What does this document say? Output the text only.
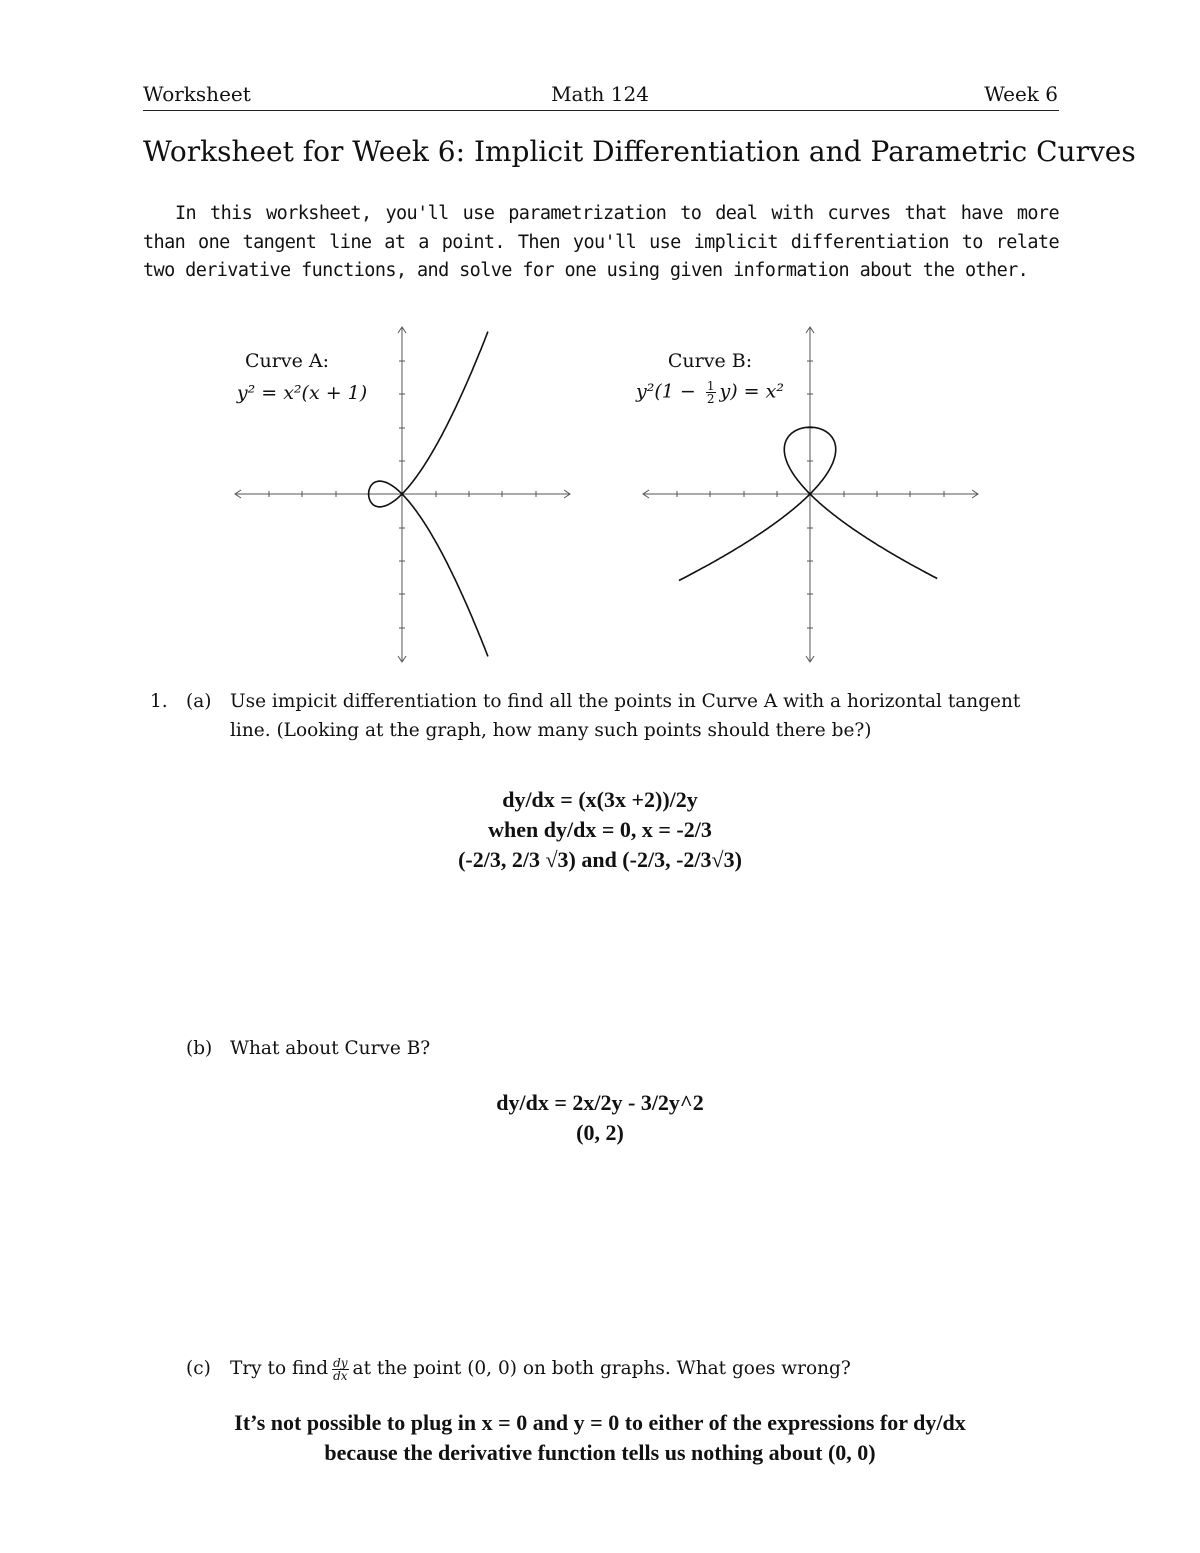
Worksheet	Math 124	Week 6
Worksheet for Week 6: Implicit Differentiation and Parametric Curves
In this worksheet, you'll use parametrization to deal with curves that have more than one tangent line at a point. Then you'll use implicit differentiation to relate two derivative functions, and solve for one using given information about the other.
Curve A:
y² = x²(x + 1)
Curve B:
$y^2(1 - \frac{1}{2} y) = x^2$
1. (a) Use impicit differentiation to find all the points in Curve A with a horizontal tangent line. (Looking at the graph, how many such points should there be?)
dy/dx = (x(3x +2))/2y
when dy/dx = 0, x = -2/3
(-2/3, 2/3 √3) and (-2/3, -2/3√3)
(b) What about Curve B?
dy/dx = 2x/2y - 3/2y^2
(0, 2)
(c) Try to find $\frac{dy}{dx}$ at the point (0, 0) on both graphs. What goes wrong?
It’s not possible to plug in x = 0 and y = 0 to either of the expressions for dy/dx
because the derivative function tells us nothing about (0, 0)
